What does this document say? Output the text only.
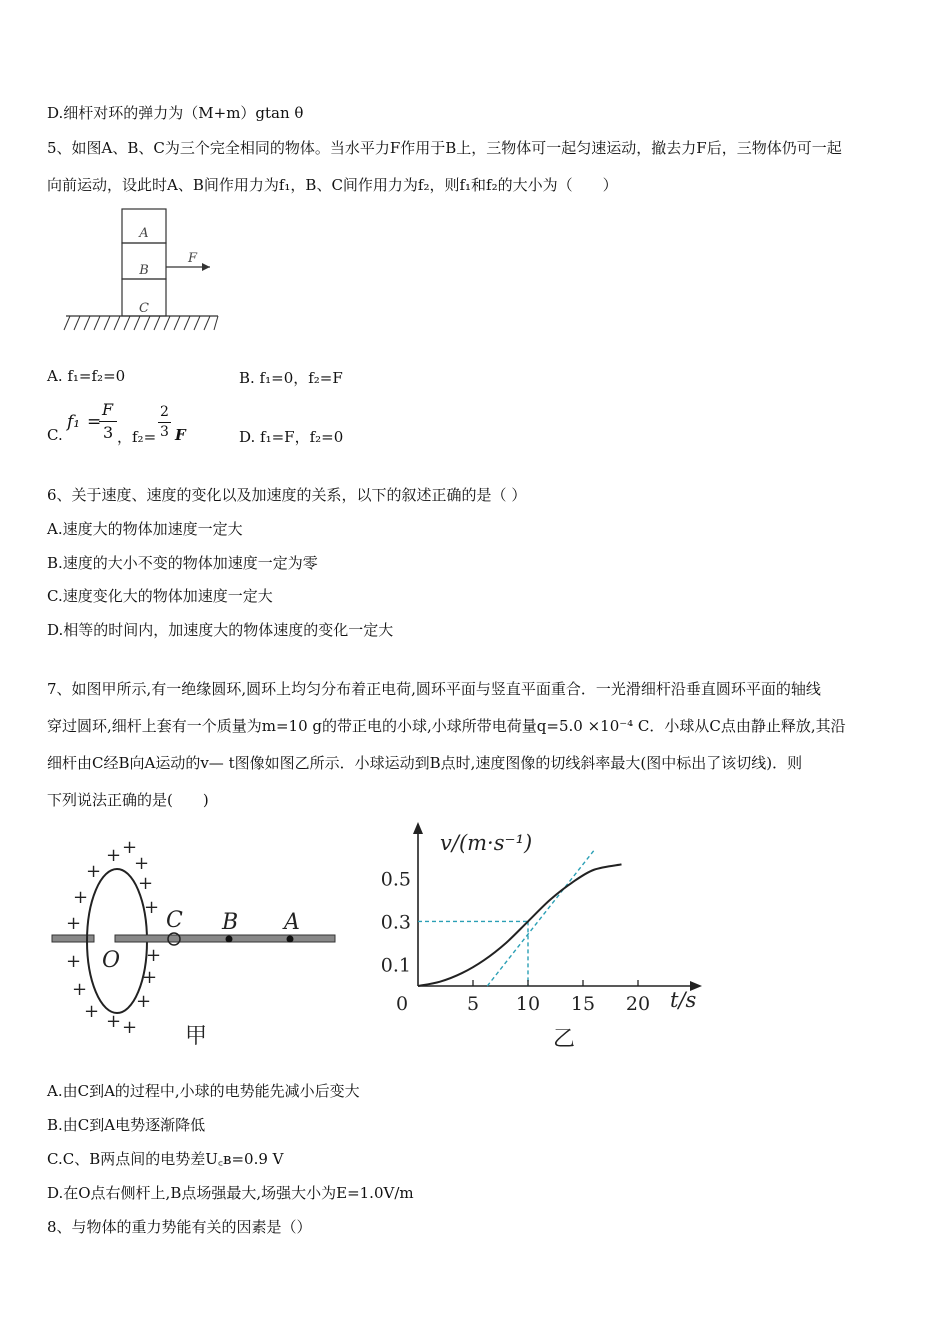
D.细杆对环的弹力为（M+m）gtan θ
5、如图A、B、C为三个完全相同的物体。当水平力F作用于B上，三物体可一起匀速运动，撤去力F后，三物体仍可一起
向前运动，设此时A、B间作用力为f₁，B、C间作用力为f₂，则f₁和f₂的大小为（　　）
A
B
C
F
A. f₁=f₂=0	B. f₁=0，f₂=F
C.
f₁ =
F
3 ，f₂=
2
3 F	D. f₁=F，f₂=0
6、关于速度、速度的变化以及加速度的关系，以下的叙述正确的是（ ）
A.速度大的物体加速度一定大
B.速度的大小不变的物体加速度一定为零
C.速度变化大的物体加速度一定大
D.相等的时间内，加速度大的物体速度的变化一定大
7、如图甲所示,有一绝缘圆环,圆环上均匀分布着正电荷,圆环平面与竖直平面重合．一光滑细杆沿垂直圆环平面的轴线
穿过圆环,细杆上套有一个质量为m=10 g的带正电的小球,小球所带电荷量q=5.0 ×10⁻⁴ C．小球从C点由静止释放,其沿
细杆由C经B向A运动的v— t图像如图乙所示．小球运动到B点时,速度图像的切线斜率最大(图中标出了该切线)．则
下列说法正确的是(　　)
+ +
+
+
+
+
+
+ + +
+
+
+
+
+
+
O
C B A
甲
0	5 10 15 20
0.1
0.3
0.5
v/(m·s⁻¹)
t/s
乙
A.由C到A的过程中,小球的电势能先减小后变大
B.由C到A电势逐渐降低
C.C、B两点间的电势差U꜀ʙ=0.9 V
D.在O点右侧杆上,B点场强最大,场强大小为E=1.0V/m
8、与物体的重力势能有关的因素是（）
